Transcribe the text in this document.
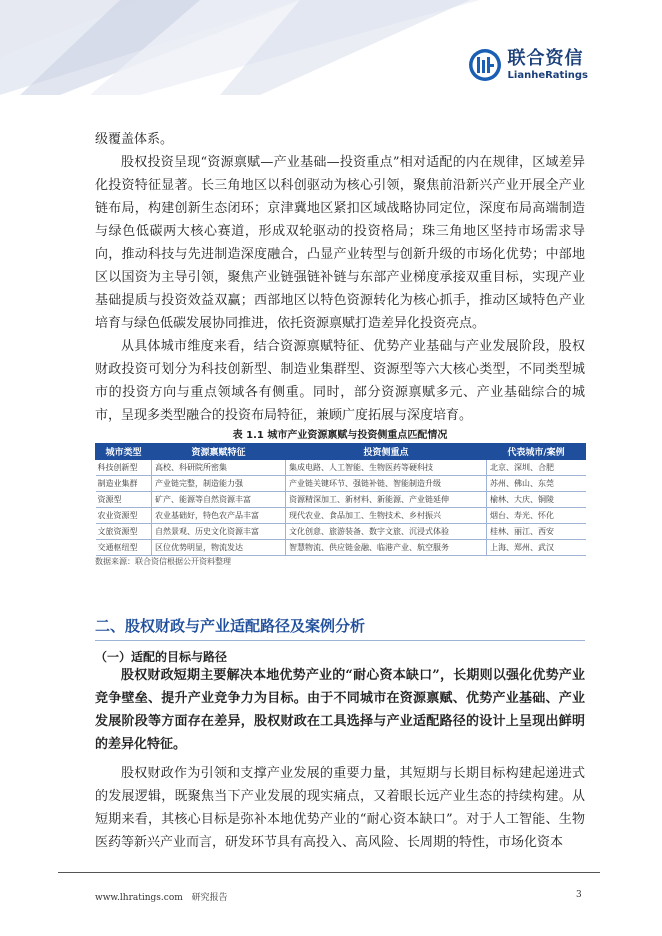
联合资信
LianheRatings

级覆盖体系。

股权投资呈现“资源禀赋—产业基础—投资重点”相对适配的内在规律，区域差异化投资特征显著。长三角地区以科创驱动为核心引领，聚焦前沿新兴产业开展全产业链布局，构建创新生态闭环；京津冀地区紧扣区域战略协同定位，深度布局高端制造与绿色低碳两大核心赛道，形成双轮驱动的投资格局；珠三角地区坚持市场需求导向，推动科技与先进制造深度融合，凸显产业转型与创新升级的市场化优势；中部地区以国资为主导引领，聚焦产业链强链补链与东部产业梯度承接双重目标，实现产业基础提质与投资效益双赢；西部地区以特色资源转化为核心抓手，推动区域特色产业培育与绿色低碳发展协同推进，依托资源禀赋打造差异化投资亮点。

从具体城市维度来看，结合资源禀赋特征、优势产业基础与产业发展阶段，股权财政投资可划分为科技创新型、制造业集群型、资源型等六大核心类型，不同类型城市的投资方向与重点领域各有侧重。同时，部分资源禀赋多元、产业基础综合的城市，呈现多类型融合的投资布局特征，兼顾广度拓展与深度培育。

表 1.1 城市产业资源禀赋与投资侧重点匹配情况
城市类型	资源禀赋特征	投资侧重点	代表城市/案例
科技创新型	高校、科研院所密集	集成电路、人工智能、生物医药等硬科技	北京、深圳、合肥
制造业集群	产业链完整，制造能力强	产业链关键环节、强链补链、智能制造升级	苏州、佛山、东莞
资源型	矿产、能源等自然资源丰富	资源精深加工、新材料、新能源、产业链延伸	榆林、大庆、铜陵
农业资源型	农业基础好，特色农产品丰富	现代农业、食品加工、生物技术、乡村振兴	烟台、寿光、怀化
文旅资源型	自然景观、历史文化资源丰富	文化创意、旅游装备、数字文旅、沉浸式体验	桂林、丽江、西安
交通枢纽型	区位优势明显，物流发达	智慧物流、供应链金融、临港产业、航空服务	上海、郑州、武汉
数据来源：联合资信根据公开资料整理
二、股权财政与产业适配路径及案例分析
（一）适配的目标与路径

股权财政短期主要解决本地优势产业的“耐心资本缺口”，长期则以强化优势产业竞争壁垒、提升产业竞争力为目标。由于不同城市在资源禀赋、优势产业基础、产业发展阶段等方面存在差异，股权财政在工具选择与产业适配路径的设计上呈现出鲜明的差异化特征。

股权财政作为引领和支撑产业发展的重要力量，其短期与长期目标构建起递进式的发展逻辑，既聚焦当下产业发展的现实痛点，又着眼长远产业生态的持续构建。从短期来看，其核心目标是弥补本地优势产业的“耐心资本缺口”。对于人工智能、生物医药等新兴产业而言，研发环节具有高投入、高风险、长周期的特性，市场化资本

www.lhratings.com 研究报告	3
